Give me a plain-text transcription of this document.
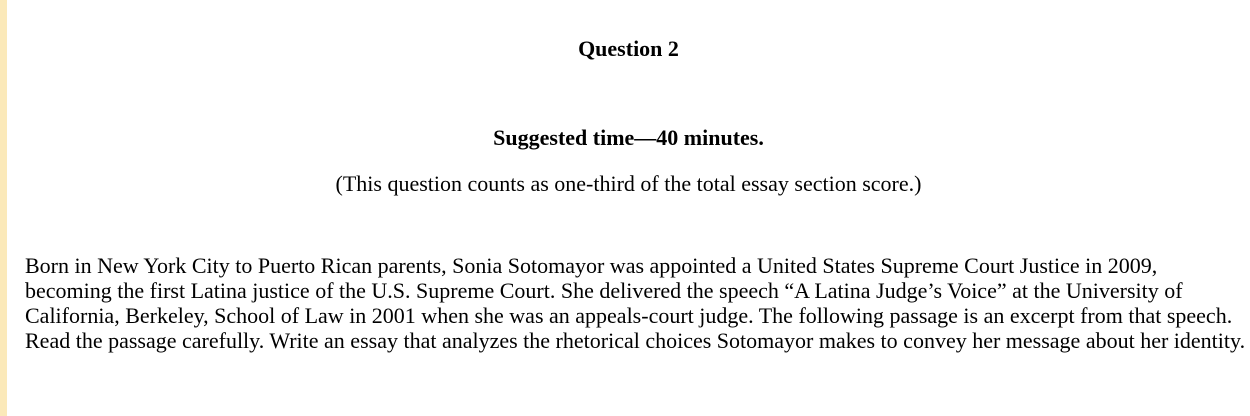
Question 2
Suggested time—40 minutes.

(This question counts as one-third of the total essay section score.)

Born in New York City to Puerto Rican parents, Sonia Sotomayor was appointed a United States Supreme Court Justice in 2009, becoming the first Latina justice of the U.S. Supreme Court. She delivered the speech “A Latina Judge’s Voice” at the University of California, Berkeley, School of Law in 2001 when she was an appeals-court judge. The following passage is an excerpt from that speech. Read the passage carefully. Write an essay that analyzes the rhetorical choices Sotomayor makes to convey her message about her identity.
